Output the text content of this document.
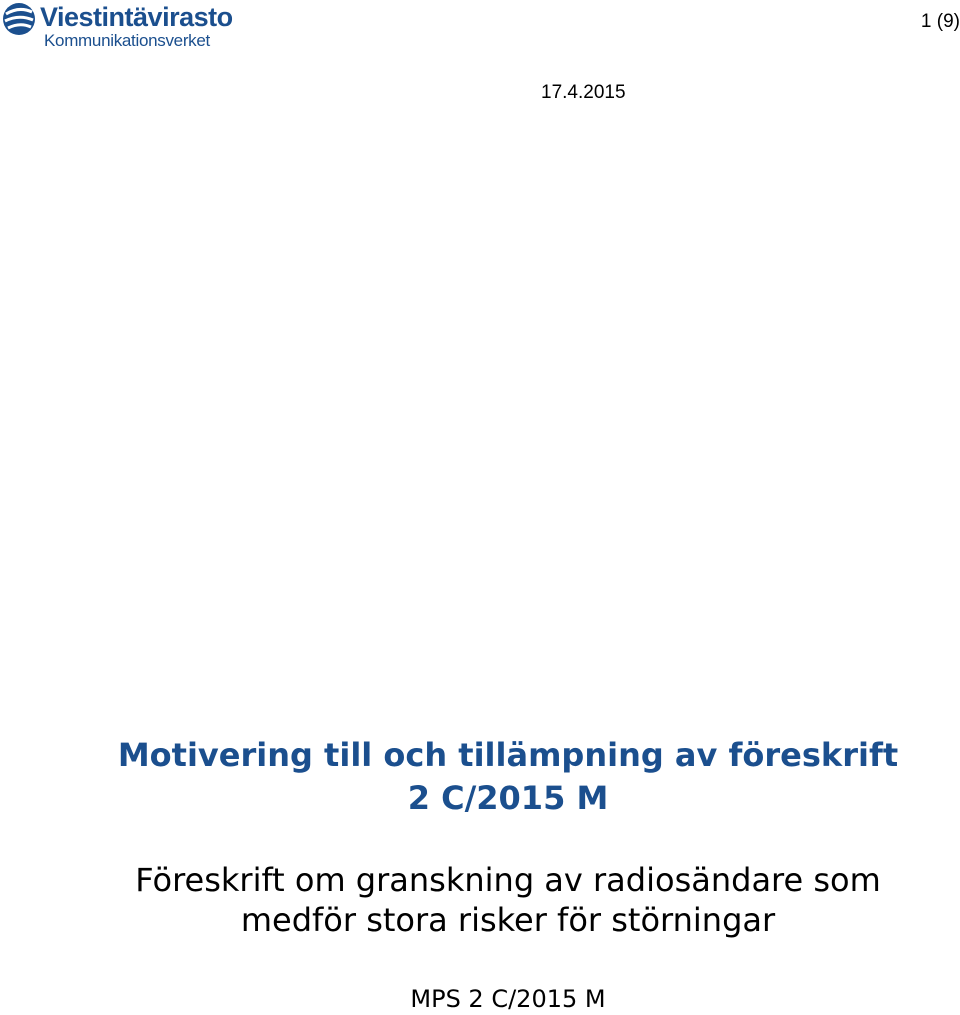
Viestintävirasto
Kommunikationsverket
1 (9)
17.4.2015
Motivering till och tillämpning av föreskrift
2 C/2015 M
Föreskrift om granskning av radiosändare som
medför stora risker för störningar
MPS 2 C/2015 M
